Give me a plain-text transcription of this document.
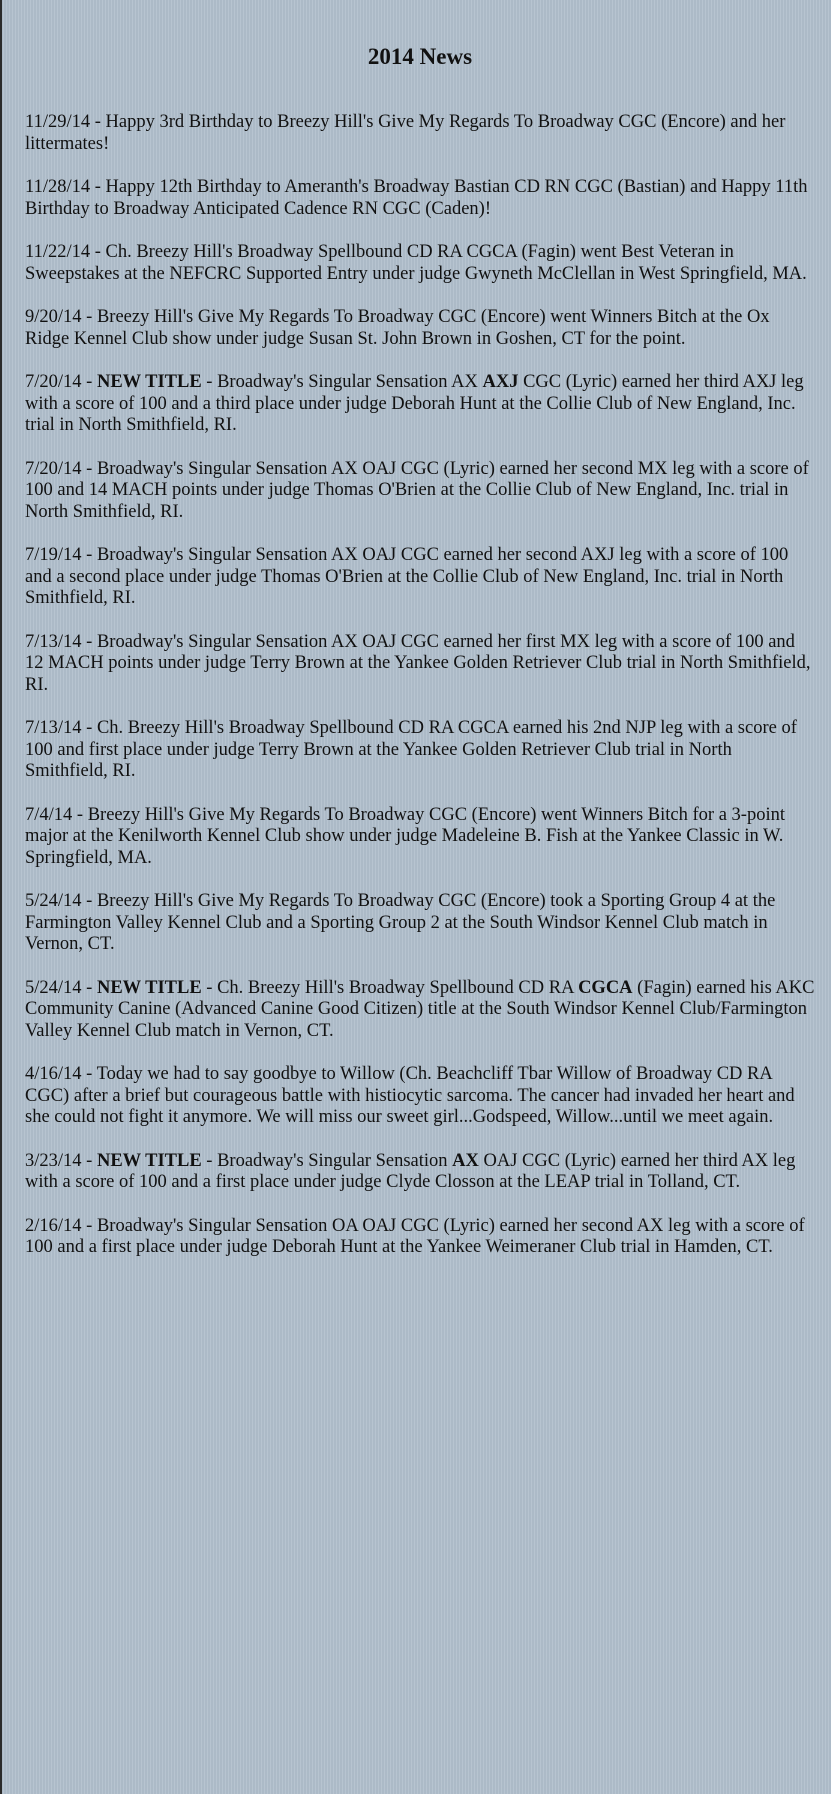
2014 News

11/29/14 - Happy 3rd Birthday to Breezy Hill's Give My Regards To Broadway CGC (Encore) and her littermates!

11/28/14 - Happy 12th Birthday to Ameranth's Broadway Bastian CD RN CGC (Bastian) and Happy 11th Birthday to Broadway Anticipated Cadence RN CGC (Caden)!

11/22/14 - Ch. Breezy Hill's Broadway Spellbound CD RA CGCA (Fagin) went Best Veteran in Sweepstakes at the NEFCRC Supported Entry under judge Gwyneth McClellan in West Springfield, MA.

9/20/14 - Breezy Hill's Give My Regards To Broadway CGC (Encore) went Winners Bitch at the Ox Ridge Kennel Club show under judge Susan St. John Brown in Goshen, CT for the point.

7/20/14 - NEW TITLE - Broadway's Singular Sensation AX AXJ CGC (Lyric) earned her third AXJ leg with a score of 100 and a third place under judge Deborah Hunt at the Collie Club of New England, Inc. trial in North Smithfield, RI.

7/20/14 - Broadway's Singular Sensation AX OAJ CGC (Lyric) earned her second MX leg with a score of 100 and 14 MACH points under judge Thomas O'Brien at the Collie Club of New England, Inc. trial in North Smithfield, RI.

7/19/14 - Broadway's Singular Sensation AX OAJ CGC earned her second AXJ leg with a score of 100 and a second place under judge Thomas O'Brien at the Collie Club of New England, Inc. trial in North Smithfield, RI.

7/13/14 - Broadway's Singular Sensation AX OAJ CGC earned her first MX leg with a score of 100 and 12 MACH points under judge Terry Brown at the Yankee Golden Retriever Club trial in North Smithfield, RI.

7/13/14 - Ch. Breezy Hill's Broadway Spellbound CD RA CGCA earned his 2nd NJP leg with a score of 100 and first place under judge Terry Brown at the Yankee Golden Retriever Club trial in North Smithfield, RI.

7/4/14 - Breezy Hill's Give My Regards To Broadway CGC (Encore) went Winners Bitch for a 3-point major at the Kenilworth Kennel Club show under judge Madeleine B. Fish at the Yankee Classic in W. Springfield, MA.

5/24/14 - Breezy Hill's Give My Regards To Broadway CGC (Encore) took a Sporting Group 4 at the Farmington Valley Kennel Club and a Sporting Group 2 at the South Windsor Kennel Club match in Vernon, CT.

5/24/14 - NEW TITLE - Ch. Breezy Hill's Broadway Spellbound CD RA CGCA (Fagin) earned his AKC Community Canine (Advanced Canine Good Citizen) title at the South Windsor Kennel Club/Farmington Valley Kennel Club match in Vernon, CT.

4/16/14 - Today we had to say goodbye to Willow (Ch. Beachcliff Tbar Willow of Broadway CD RA CGC) after a brief but courageous battle with histiocytic sarcoma. The cancer had invaded her heart and she could not fight it anymore. We will miss our sweet girl...Godspeed, Willow...until we meet again.

3/23/14 - NEW TITLE - Broadway's Singular Sensation AX OAJ CGC (Lyric) earned her third AX leg with a score of 100 and a first place under judge Clyde Closson at the LEAP trial in Tolland, CT.

2/16/14 - Broadway's Singular Sensation OA OAJ CGC (Lyric) earned her second AX leg with a score of 100 and a first place under judge Deborah Hunt at the Yankee Weimeraner Club trial in Hamden, CT.
